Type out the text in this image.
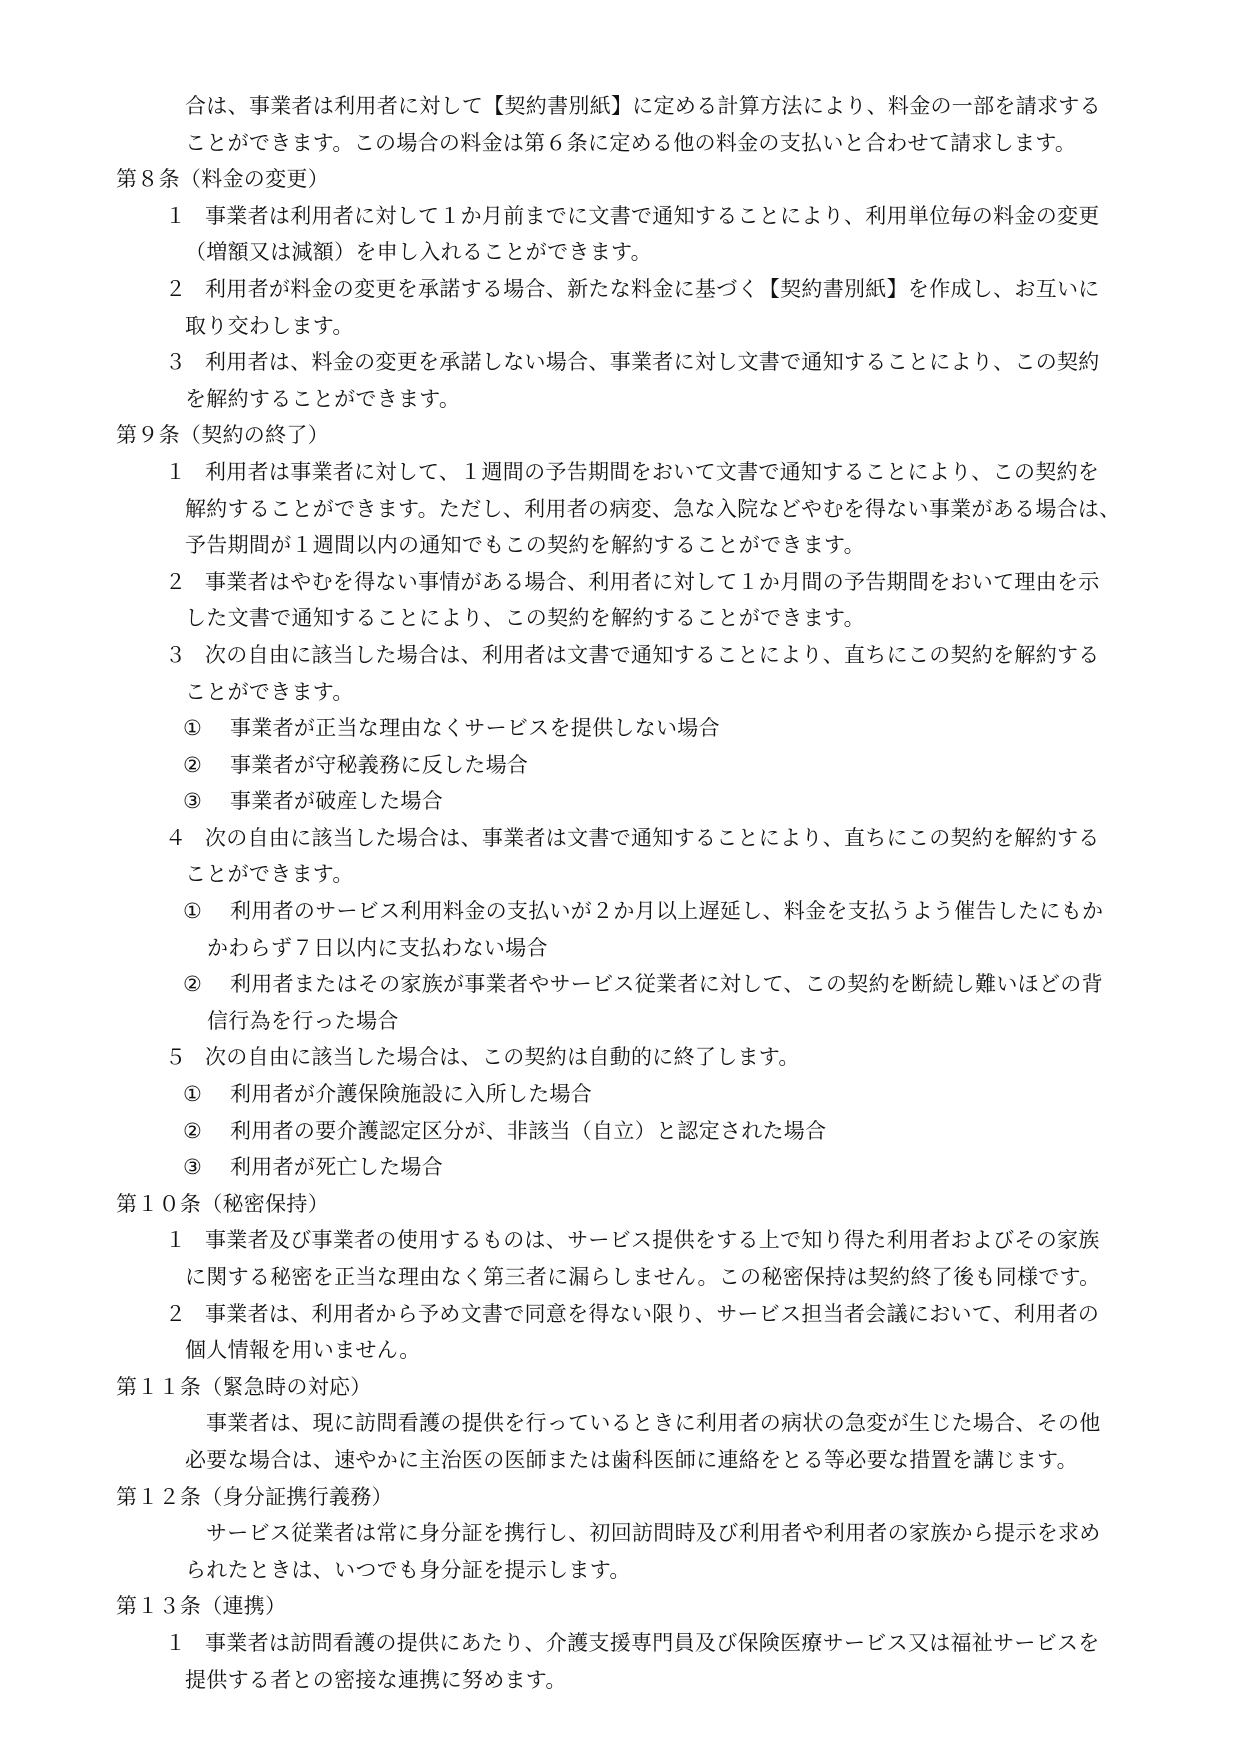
合は、事業者は利用者に対して【契約書別紙】に定める計算方法により、料金の一部を請求する
ことができます。この場合の料金は第６条に定める他の料金の支払いと合わせて請求します。
第８条（料金の変更）
１ 事業者は利用者に対して１か月前までに文書で通知することにより、利用単位毎の料金の変更
（増額又は減額）を申し入れることができます。
２ 利用者が料金の変更を承諾する場合、新たな料金に基づく【契約書別紙】を作成し、お互いに
取り交わします。
３ 利用者は、料金の変更を承諾しない場合、事業者に対し文書で通知することにより、この契約
を解約することができます。
第９条（契約の終了）
１ 利用者は事業者に対して、１週間の予告期間をおいて文書で通知することにより、この契約を
解約することができます。ただし、利用者の病変、急な入院などやむを得ない事業がある場合は、
予告期間が１週間以内の通知でもこの契約を解約することができます。
２ 事業者はやむを得ない事情がある場合、利用者に対して１か月間の予告期間をおいて理由を示
した文書で通知することにより、この契約を解約することができます。
３ 次の自由に該当した場合は、利用者は文書で通知することにより、直ちにこの契約を解約する
ことができます。
① 事業者が正当な理由なくサービスを提供しない場合
② 事業者が守秘義務に反した場合
③ 事業者が破産した場合
４ 次の自由に該当した場合は、事業者は文書で通知することにより、直ちにこの契約を解約する
ことができます。
① 利用者のサービス利用料金の支払いが２か月以上遅延し、料金を支払うよう催告したにもか
かわらず７日以内に支払わない場合
② 利用者またはその家族が事業者やサービス従業者に対して、この契約を断続し難いほどの背
信行為を行った場合
５ 次の自由に該当した場合は、この契約は自動的に終了します。
① 利用者が介護保険施設に入所した場合
② 利用者の要介護認定区分が、非該当（自立）と認定された場合
③ 利用者が死亡した場合
第１０条（秘密保持）
１ 事業者及び事業者の使用するものは、サービス提供をする上で知り得た利用者およびその家族
に関する秘密を正当な理由なく第三者に漏らしません。この秘密保持は契約終了後も同様です。
２ 事業者は、利用者から予め文書で同意を得ない限り、サービス担当者会議において、利用者の
個人情報を用いません。
第１１条（緊急時の対応）
事業者は、現に訪問看護の提供を行っているときに利用者の病状の急変が生じた場合、その他
必要な場合は、速やかに主治医の医師または歯科医師に連絡をとる等必要な措置を講じます。
第１２条（身分証携行義務）
サービス従業者は常に身分証を携行し、初回訪問時及び利用者や利用者の家族から提示を求め
られたときは、いつでも身分証を提示します。
第１３条（連携）
１ 事業者は訪問看護の提供にあたり、介護支援専門員及び保険医療サービス又は福祉サービスを
提供する者との密接な連携に努めます。
